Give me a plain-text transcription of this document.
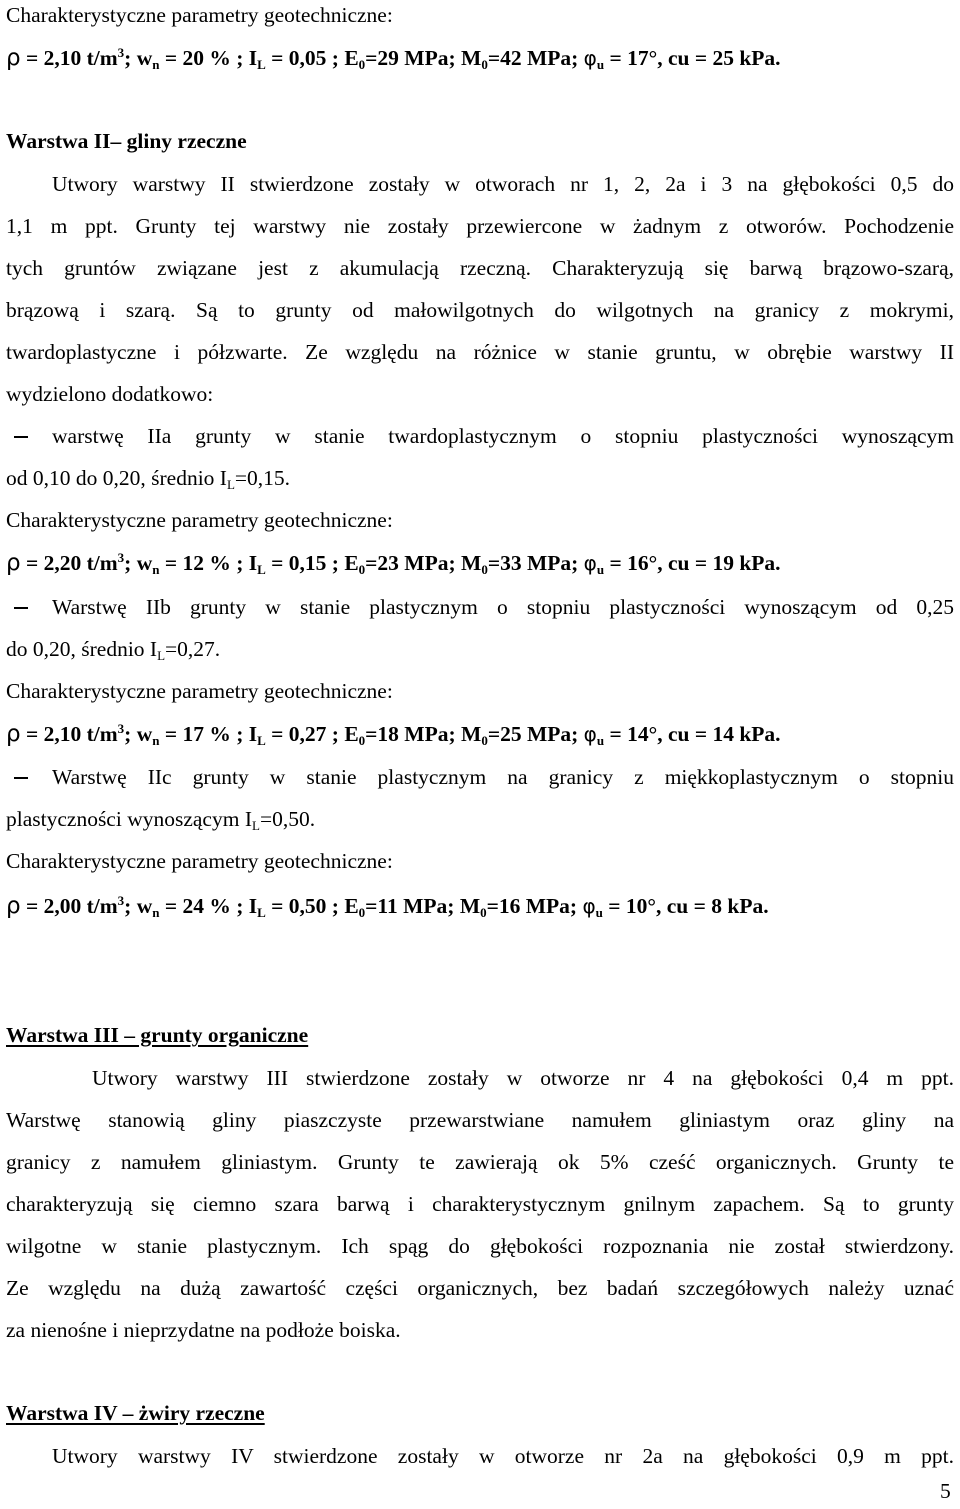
Charakterystyczne parametry geotechniczne:
ρ = 2,10 $t/m^3$; $w_n = 20$ % ; $I_L = 0,05$ ; $E_0=29$ MPa; $M_0=42$ MPa; $\varphi_u = 17^\circ$, cu = 25 kPa.
Warstwa II– gliny rzeczne
Utwory warstwy II stwierdzone zostały w otworach nr 1, 2, 2a i 3 na głębokości 0,5 do
1,1 m ppt. Grunty tej warstwy nie zostały przewiercone w żadnym z otworów. Pochodzenie
tych gruntów związane jest z akumulacją rzeczną. Charakteryzują się barwą brązowo-szarą,
brązową i szarą. Są to grunty od małowilgotnych do wilgotnych na granicy z mokrymi,
twardoplastyczne i półzwarte. Ze względu na różnice w stanie gruntu, w obrębie warstwy II
wydzielono dodatkowo:
warstwę IIa grunty w stanie twardoplastycznym o stopniu plastyczności wynoszącym
od 0,10 do 0,20, średnio $I_L=0,15$.
Charakterystyczne parametry geotechniczne:
ρ = 2,20 $t/m^3$; $w_n = 12$ % ; $I_L = 0,15$ ; $E_0=23$ MPa; $M_0=33$ MPa; $\varphi_u = 16^\circ$, cu = 19 kPa.
Warstwę IIb grunty w stanie plastycznym o stopniu plastyczności wynoszącym od 0,25
do 0,20, średnio $I_L=0,27$.
Charakterystyczne parametry geotechniczne:
ρ = 2,10 $t/m^3$; $w_n = 17$ % ; $I_L = 0,27$ ; $E_0=18$ MPa; $M_0=25$ MPa; $\varphi_u = 14^\circ$, cu = 14 kPa.
Warstwę IIc grunty w stanie plastycznym na granicy z miękkoplastycznym o stopniu
plastyczności wynoszącym $I_L=0,50$.
Charakterystyczne parametry geotechniczne:
ρ = 2,00 $t/m^3$; $w_n = 24$ % ; $I_L = 0,50$ ; $E_0=11$ MPa; $M_0=16$ MPa; $\varphi_u = 10^\circ$, cu = 8 kPa.
Warstwa III – grunty organiczne
Utwory warstwy III stwierdzone zostały w otworze nr 4 na głębokości 0,4 m ppt.
Warstwę stanowią gliny piaszczyste przewarstwiane namułem gliniastym oraz gliny na
granicy z namułem gliniastym. Grunty te zawierają ok 5% cześć organicznych. Grunty te
charakteryzują się ciemno szara barwą i charakterystycznym gnilnym zapachem. Są to grunty
wilgotne w stanie plastycznym. Ich spąg do głębokości rozpoznania nie został stwierdzony.
Ze względu na dużą zawartość części organicznych, bez badań szczegółowych należy uznać
za nienośne i nieprzydatne na podłoże boiska.
Warstwa IV – żwiry rzeczne
Utwory warstwy IV stwierdzone zostały w otworze nr 2a na głębokości 0,9 m ppt.
5
